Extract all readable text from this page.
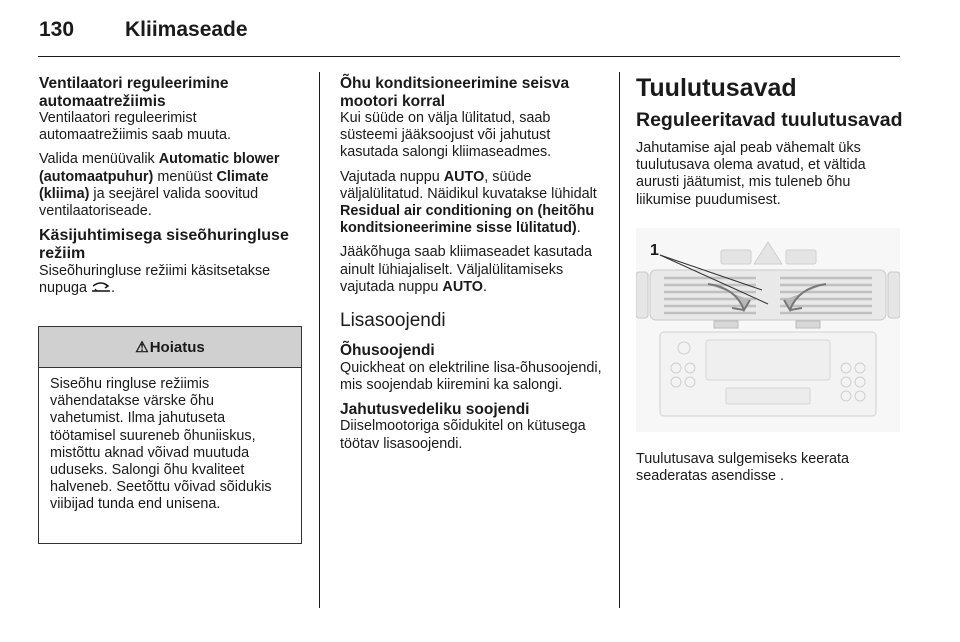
130	Kliimaseade
Ventilaatori reguleerimine automaatrežiimis

Ventilaatori reguleerimist automaatrežiimis saab muuta.

Valida menüüvalik Automatic blower (automaatpuhur) menüüst Climate (kliima) ja seejärel valida soovitud ventilaatoriseade.

Käsijuhtimisega siseõhuringluse režiim

Siseõhuringluse režiimi käsitsetakse nupuga .

⚠ Hoiatus
Siseõhu ringluse režiimis vähendatakse värske õhu vahetumist. Ilma jahutuseta töötamisel suureneb õhuniiskus, mistõttu aknad võivad muutuda uduseks. Salongi õhu kvaliteet halveneb. Seetõttu võivad sõidukis viibijad tunda end unisena.
Õhu konditsioneerimine seisva mootori korral

Kui süüde on välja lülitatud, saab süsteemi jääksoojust või jahutust kasutada salongi kliimaseadmes.

Vajutada nuppu AUTO, süüde väljalülitatud. Näidikul kuvatakse lühidalt Residual air conditioning on (heitõhu konditsioneerimine sisse lülitatud).

Jääkõhuga saab kliimaseadet kasutada ainult lühiajaliselt. Väljalülitamiseks vajutada nuppu AUTO.

Lisasoojendi
Õhusoojendi

Quickheat on elektriline lisa-õhusoojendi, mis soojendab kiiremini ka salongi.

Jahutusvedeliku soojendi

Diiselmootoriga sõidukitel on kütusega töötav lisasoojendi.

Tuulutusavad
Reguleeritavad tuulutusavad

Jahutamise ajal peab vähemalt üks tuulutusava olema avatud, et vältida aurusti jäätumist, mis tuleneb õhu liikumise puudumisest.

1
Tuulutusava sulgemiseks keerata seaderatas asendisse .
